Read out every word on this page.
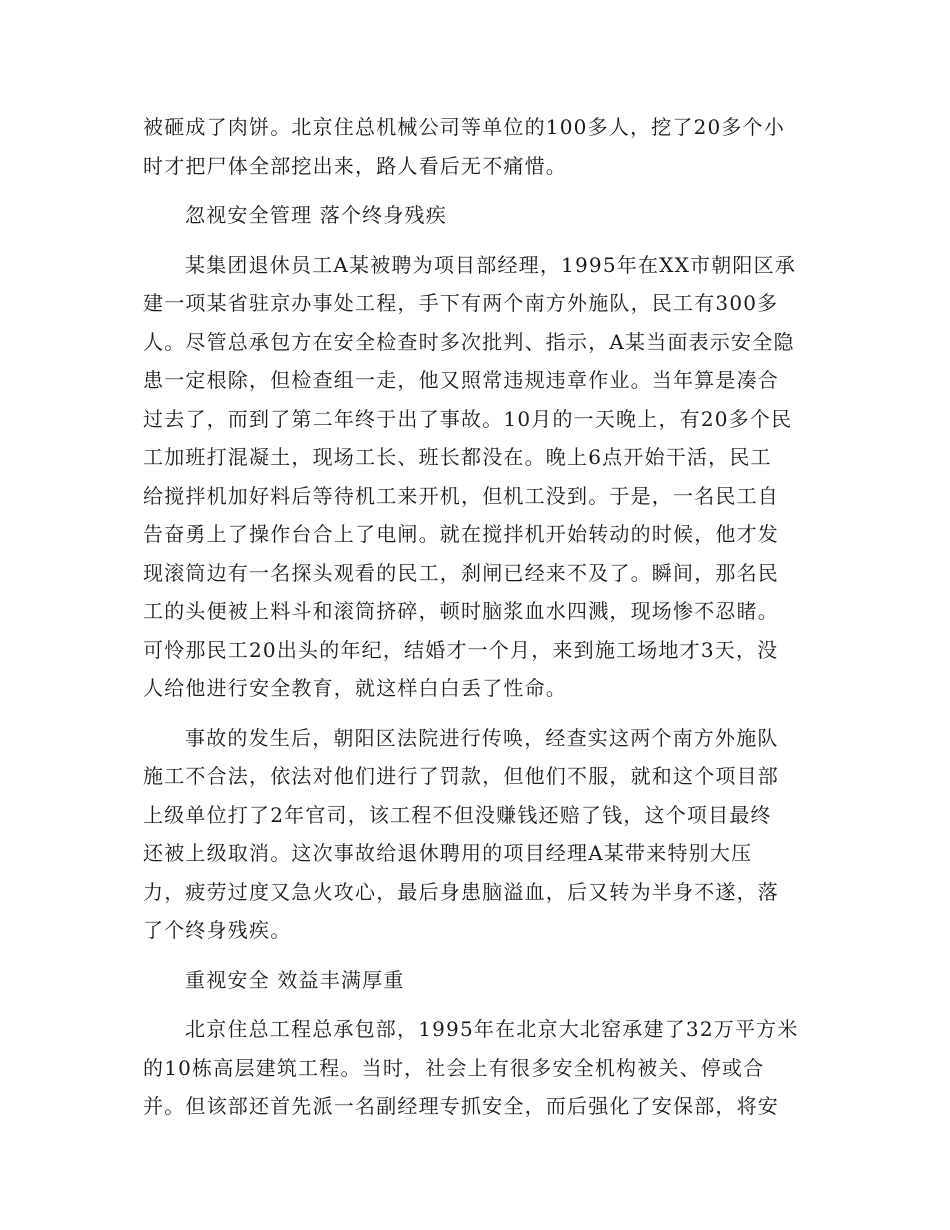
被砸成了肉饼。北京住总机械公司等单位的100多人，挖了20多个小
时才把尸体全部挖出来，路人看后无不痛惜。
忽视安全管理 落个终身残疾
某集团退休员工A某被聘为项目部经理，1995年在XX市朝阳区承
建一项某省驻京办事处工程，手下有两个南方外施队，民工有300多
人。尽管总承包方在安全检查时多次批判、指示，A某当面表示安全隐
患一定根除，但检查组一走，他又照常违规违章作业。当年算是凑合
过去了，而到了第二年终于出了事故。10月的一天晚上，有20多个民
工加班打混凝土，现场工长、班长都没在。晚上6点开始干活，民工
给搅拌机加好料后等待机工来开机，但机工没到。于是，一名民工自
告奋勇上了操作台合上了电闸。就在搅拌机开始转动的时候，他才发
现滚筒边有一名探头观看的民工，刹闸已经来不及了。瞬间，那名民
工的头便被上料斗和滚筒挤碎，顿时脑浆血水四溅，现场惨不忍睹。
可怜那民工20出头的年纪，结婚才一个月，来到施工场地才3天，没
人给他进行安全教育，就这样白白丢了性命。
事故的发生后，朝阳区法院进行传唤，经查实这两个南方外施队
施工不合法，依法对他们进行了罚款，但他们不服，就和这个项目部
上级单位打了2年官司，该工程不但没赚钱还赔了钱，这个项目最终
还被上级取消。这次事故给退休聘用的项目经理A某带来特别大压
力，疲劳过度又急火攻心，最后身患脑溢血，后又转为半身不遂，落
了个终身残疾。
重视安全 效益丰满厚重
北京住总工程总承包部，1995年在北京大北窑承建了32万平方米
的10栋高层建筑工程。当时，社会上有很多安全机构被关、停或合
并。但该部还首先派一名副经理专抓安全，而后强化了安保部，将安
